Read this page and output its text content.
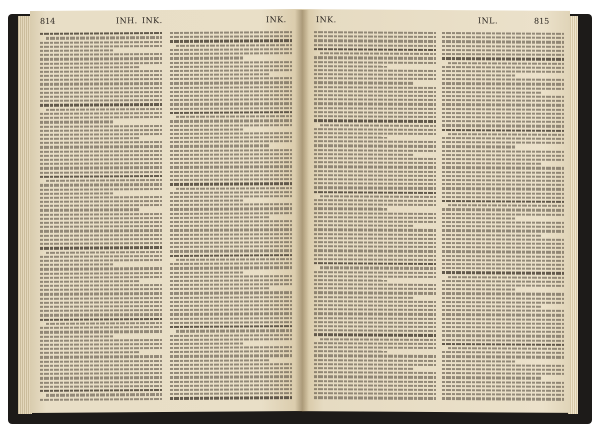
814	INH. INK.	INK.	INK.	INL.	815
